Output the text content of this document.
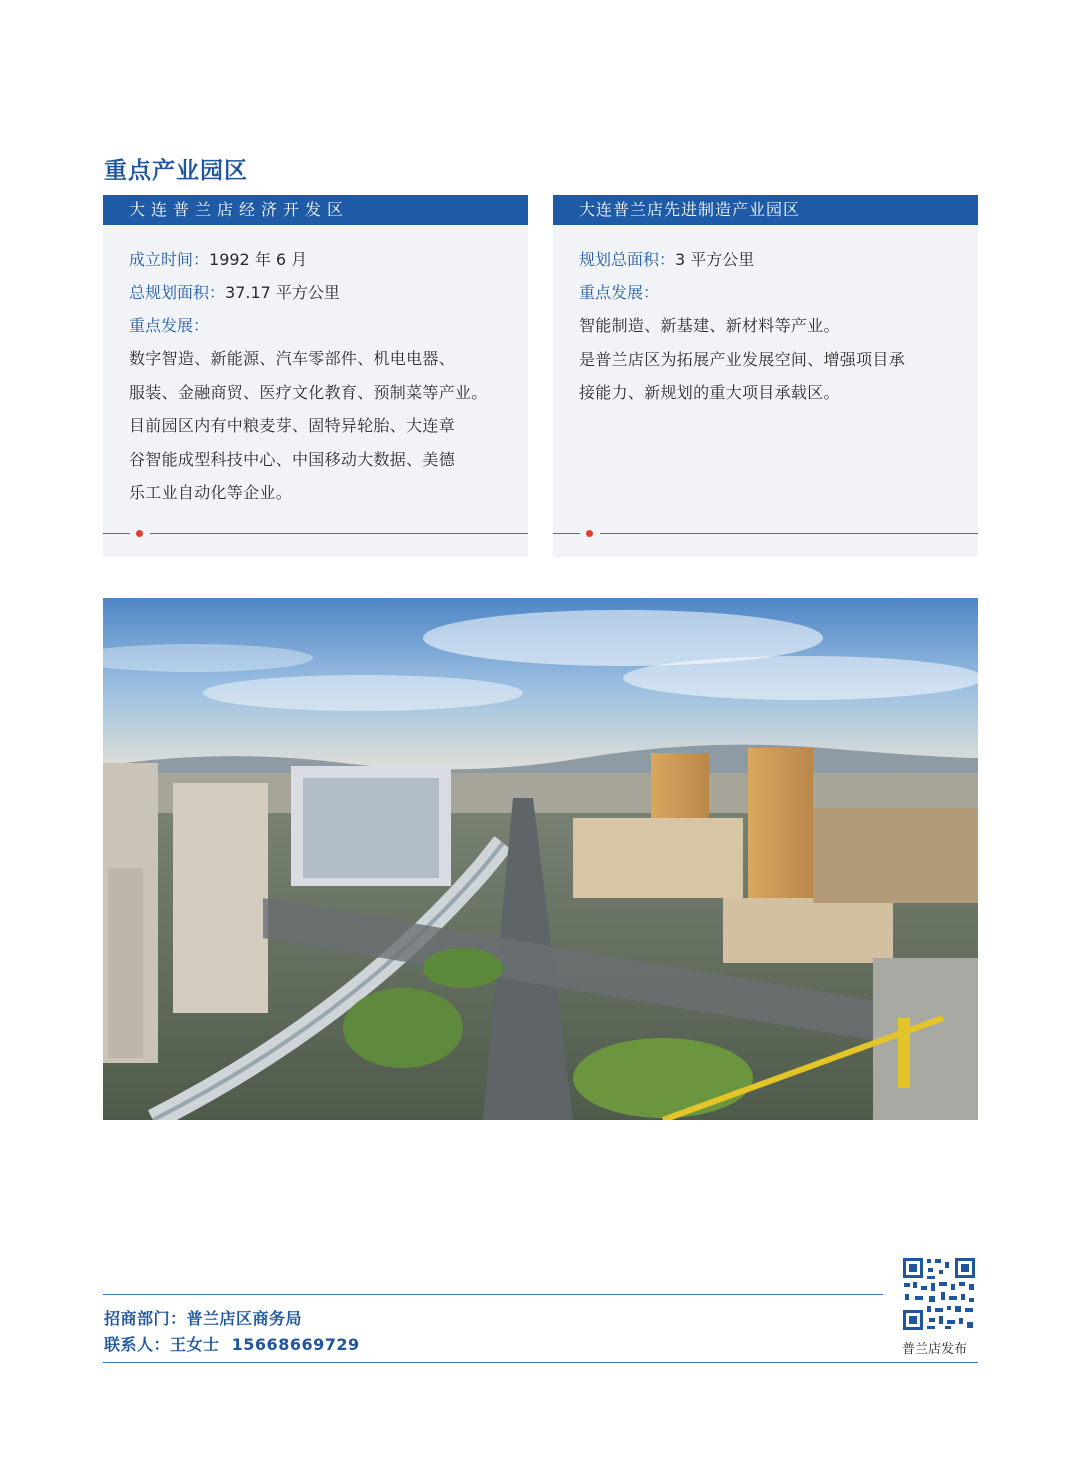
重点产业园区
大连普兰店经济开发区
成立时间：1992 年 6 月
总规划面积：37.17 平方公里
重点发展：
数字智造、新能源、汽车零部件、机电电器、
服装、金融商贸、医疗文化教育、预制菜等产业。
目前园区内有中粮麦芽、固特异轮胎、大连章
谷智能成型科技中心、中国移动大数据、美德
乐工业自动化等企业。
大连普兰店先进制造产业园区
规划总面积：3 平方公里
重点发展：
智能制造、新基建、新材料等产业。
是普兰店区为拓展产业发展空间、增强项目承
接能力、新规划的重大项目承载区。
招商部门：普兰店区商务局
联系人：王女士  15668669729	普兰店发布
